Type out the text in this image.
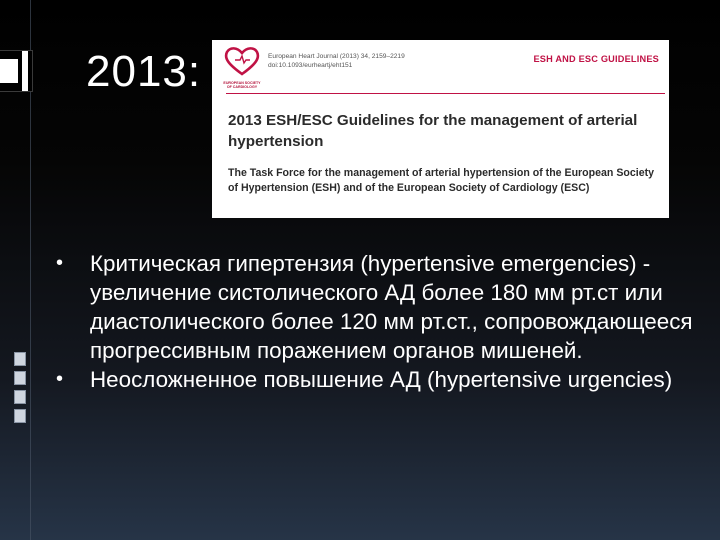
2013:	EUROPEAN SOCIETY OF CARDIOLOGY
European Heart Journal (2013) 34, 2159–2219
doi:10.1093/eurheartj/eht151
ESH AND ESC GUIDELINES
2013 ESH/ESC Guidelines for the management of arterial hypertension
The Task Force for the management of arterial hypertension of the European Society of Hypertension (ESH) and of the European Society of Cardiology (ESC)
• Критическая гипертензия (hypertensive emergencies) - увеличение систолического АД более 180 мм рт.ст или диастолического более 120 мм рт.ст., сопровождающееся прогрессивным поражением органов мишеней.
• Неосложненное повышение АД (hypertensive urgencies)
